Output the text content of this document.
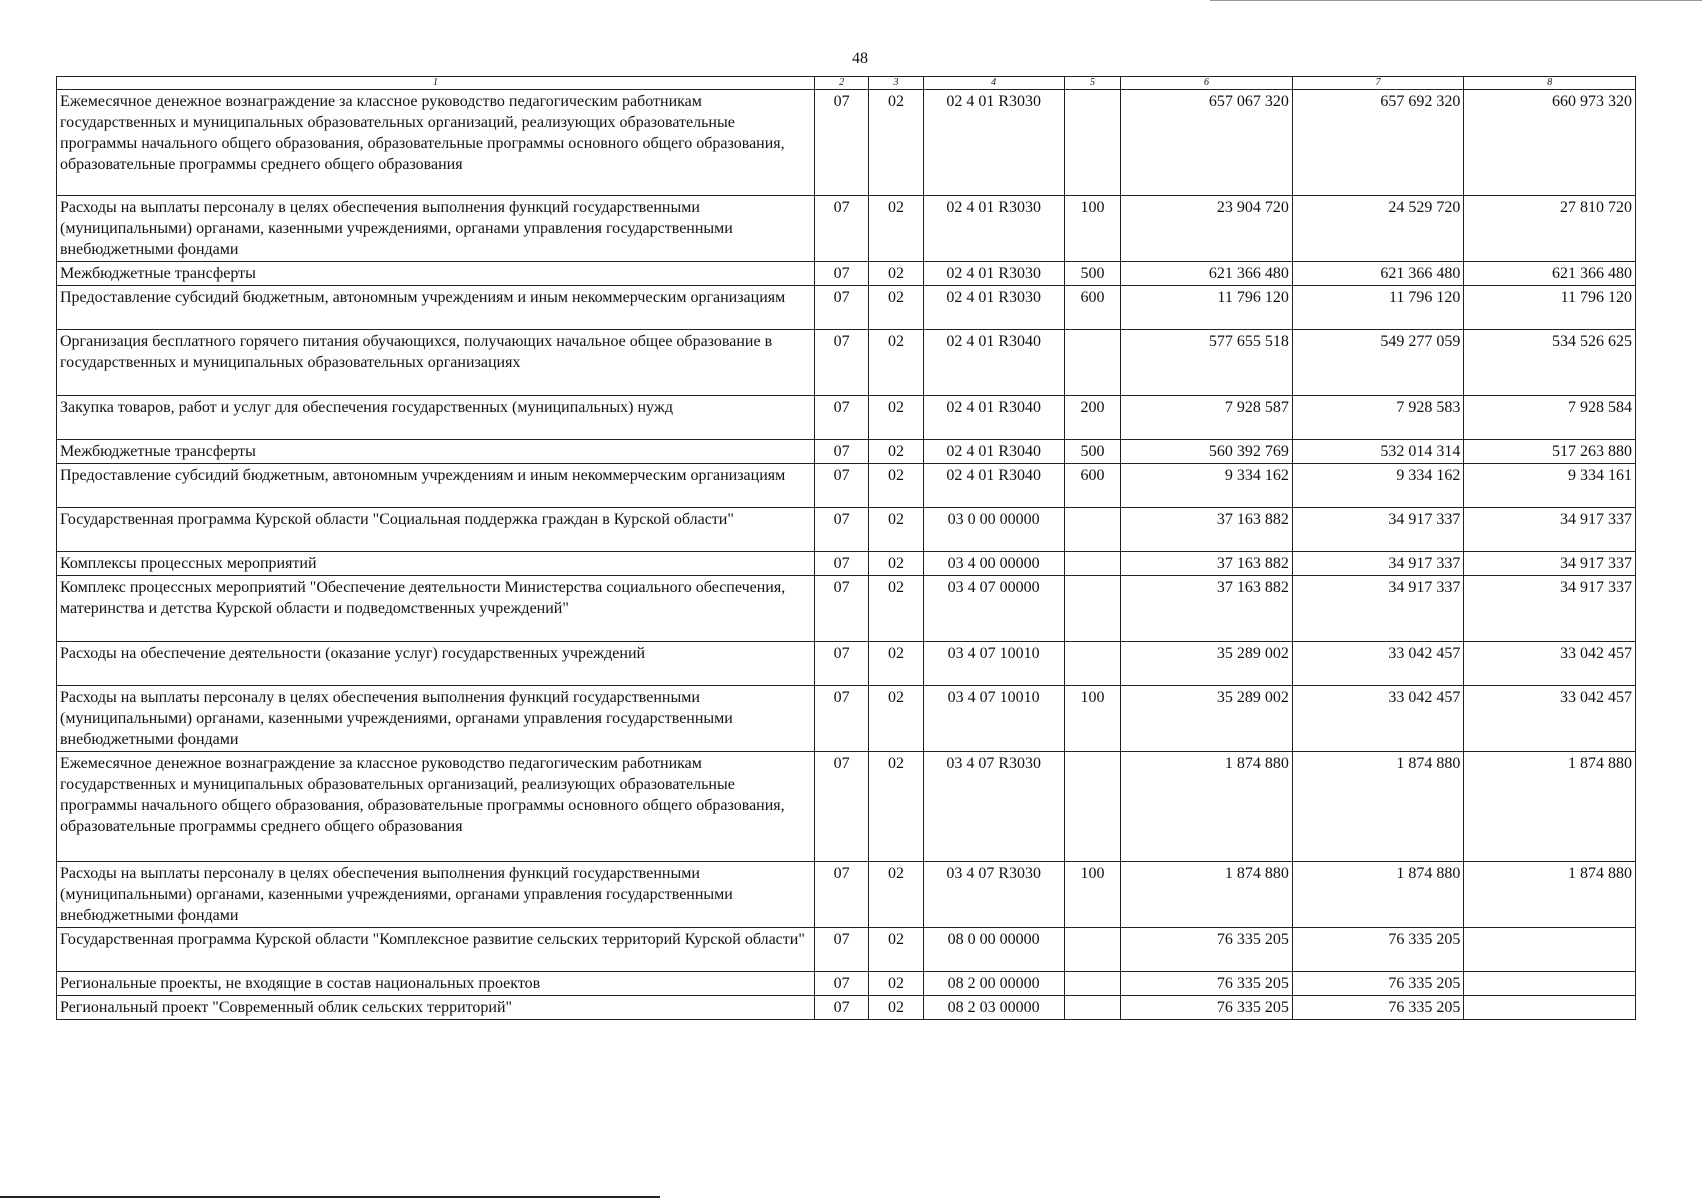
48
1	2	3	4	5	6	7	8
Ежемесячное денежное вознаграждение за классное руководство педагогическим работникам государственных и муниципальных образовательных организаций, реализующих образовательные программы начального общего образования, образовательные программы основного общего образования, образовательные программы среднего общего образования	07	02	02 4 01 R3030		657 067 320	657 692 320	660 973 320
Расходы на выплаты персоналу в целях обеспечения выполнения функций государственными (муниципальными) органами, казенными учреждениями, органами управления государственными внебюджетными фондами	07	02	02 4 01 R3030	100	23 904 720	24 529 720	27 810 720
Межбюджетные трансферты	07	02	02 4 01 R3030	500	621 366 480	621 366 480	621 366 480
Предоставление субсидий бюджетным, автономным учреждениям и иным некоммерческим организациям	07	02	02 4 01 R3030	600	11 796 120	11 796 120	11 796 120
Организация бесплатного горячего питания обучающихся, получающих начальное общее образование в государственных и муниципальных образовательных организациях	07	02	02 4 01 R3040		577 655 518	549 277 059	534 526 625
Закупка товаров, работ и услуг для обеспечения государственных (муниципальных) нужд	07	02	02 4 01 R3040	200	7 928 587	7 928 583	7 928 584
Межбюджетные трансферты	07	02	02 4 01 R3040	500	560 392 769	532 014 314	517 263 880
Предоставление субсидий бюджетным, автономным учреждениям и иным некоммерческим организациям	07	02	02 4 01 R3040	600	9 334 162	9 334 162	9 334 161
Государственная программа Курской области "Социальная поддержка граждан в Курской области"	07	02	03 0 00 00000		37 163 882	34 917 337	34 917 337
Комплексы процессных мероприятий	07	02	03 4 00 00000		37 163 882	34 917 337	34 917 337
Комплекс процессных мероприятий "Обеспечение деятельности Министерства социального обеспечения, материнства и детства Курской области и подведомственных учреждений"	07	02	03 4 07 00000		37 163 882	34 917 337	34 917 337
Расходы на обеспечение деятельности (оказание услуг) государственных учреждений	07	02	03 4 07 10010		35 289 002	33 042 457	33 042 457
Расходы на выплаты персоналу в целях обеспечения выполнения функций государственными (муниципальными) органами, казенными учреждениями, органами управления государственными внебюджетными фондами	07	02	03 4 07 10010	100	35 289 002	33 042 457	33 042 457
Ежемесячное денежное вознаграждение за классное руководство педагогическим работникам государственных и муниципальных образовательных организаций, реализующих образовательные программы начального общего образования, образовательные программы основного общего образования, образовательные программы среднего общего образования	07	02	03 4 07 R3030		1 874 880	1 874 880	1 874 880
Расходы на выплаты персоналу в целях обеспечения выполнения функций государственными (муниципальными) органами, казенными учреждениями, органами управления государственными внебюджетными фондами	07	02	03 4 07 R3030	100	1 874 880	1 874 880	1 874 880
Государственная программа Курской области "Комплексное развитие сельских территорий Курской области"	07	02	08 0 00 00000		76 335 205	76 335 205	
Региональные проекты, не входящие в состав национальных проектов	07	02	08 2 00 00000		76 335 205	76 335 205	
Региональный проект "Современный облик сельских территорий"	07	02	08 2 03 00000		76 335 205	76 335 205	
